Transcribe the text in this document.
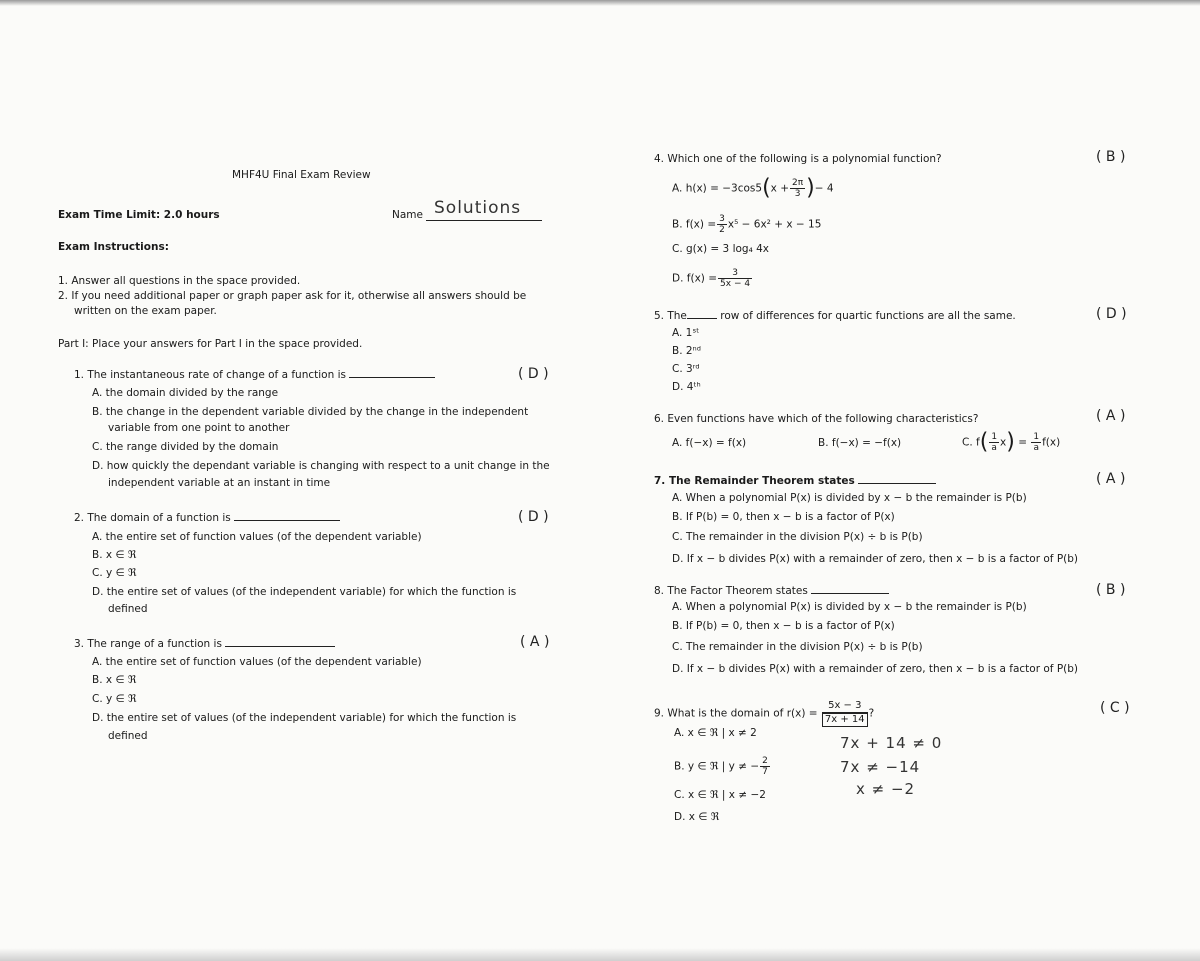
MHF4U Final Exam Review
Exam Time Limit: 2.0 hours	Name Solutions
Exam Instructions:
1. Answer all questions in the space provided.
2. If you need additional paper or graph paper ask for it, otherwise all answers should be
written on the exam paper.
Part I: Place your answers for Part I in the space provided.
1. The instantaneous rate of change of a function is	( D )
A. the domain divided by the range
B. the change in the dependent variable divided by the change in the independent
variable from one point to another
C. the range divided by the domain
D. how quickly the dependant variable is changing with respect to a unit change in the
independent variable at an instant in time
2. The domain of a function is	( D )
A. the entire set of function values (of the dependent variable)
B. x ∈ ℜ
C. y ∈ ℜ
D. the entire set of values (of the independent variable) for which the function is
defined
3. The range of a function is	( A )
A. the entire set of function values (of the dependent variable)
B. x ∈ ℜ
C. y ∈ ℜ
D. the entire set of values (of the independent variable) for which the function is
defined
4. Which one of the following is a polynomial function?	( B )
A. $h(x) = -3\cos 5(x + \frac{2\pi}{3}$ )− 4
B. $f(x) = \frac{3}{2} x^5 - 6x^2 + x - 15$
C. g(x) = 3 log₄ 4x
D. $f(x) = \frac{3}{5x - 4}$
5. The	row of differences for quartic functions are all the same.	( D )
A. 1ˢᵗ
B. 2ⁿᵈ
C. 3ʳᵈ
D. 4ᵗʰ
6. Even functions have which of the following characteristics?	( A )
A. f(−x) = f(x)	B. f(−x) = −f(x)	C. $f( \frac{1}{a} x) = \frac{1}{a} f(x)$
7. The Remainder Theorem states	( A )
A. When a polynomial P(x) is divided by x − b the remainder is P(b)
B. If P(b) = 0, then x − b is a factor of P(x)
C. The remainder in the division P(x) ÷ b is P(b)
D. If x − b divides P(x) with a remainder of zero, then x − b is a factor of P(b)
8. The Factor Theorem states	( B )
A. When a polynomial P(x) is divided by x − b the remainder is P(b)
B. If P(b) = 0, then x − b is a factor of P(x)
C. The remainder in the division P(x) ÷ b is P(b)
D. If x − b divides P(x) with a remainder of zero, then x − b is a factor of P(b)
9. What is the domain of $r(x) = \frac{5x - 3}{7x + 14}$ ?	( C )
A. x ∈ ℜ | x ≠ 2
B. y ∈ ℜ | y ≠ − $\frac{2}{7}$
C. x ∈ ℜ | x ≠ −2
D. x ∈ ℜ
7x + 14 ≠ 0
7x ≠ −14
x ≠ −2
